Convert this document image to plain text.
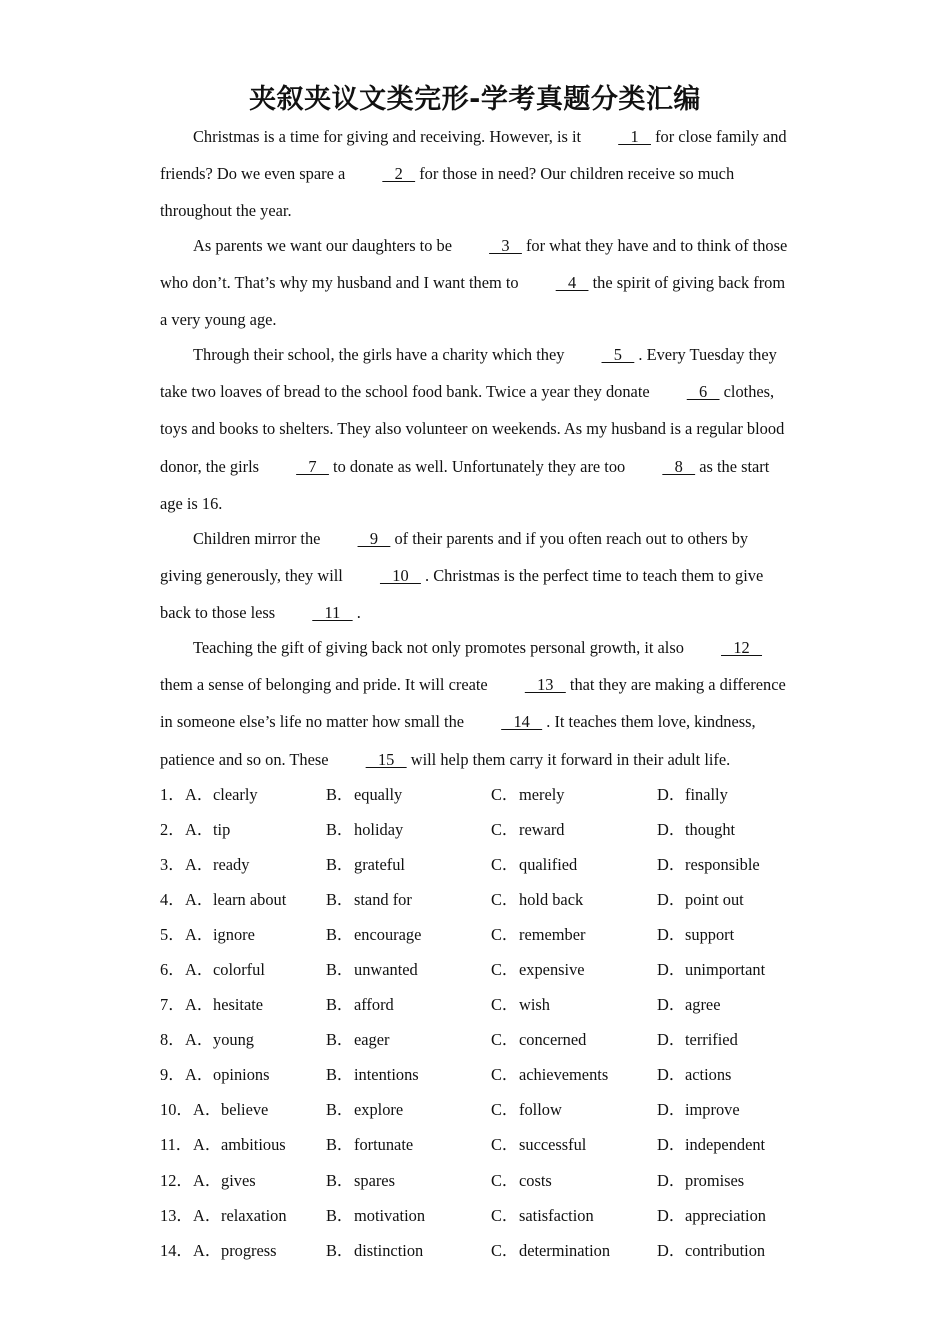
夹叙夹议文类完形-学考真题分类汇编

Christmas is a time for giving and receiving. However, is it    1    for close family and friends? Do we even spare a    2    for those in need? Our children receive so much throughout the year.

As parents we want our daughters to be    3    for what they have and to think of those who don’t. That’s why my husband and I want them to    4    the spirit of giving back from a very young age.

Through their school, the girls have a charity which they    5    . Every Tuesday they take two loaves of bread to the school food bank. Twice a year they donate    6    clothes, toys and books to shelters. They also volunteer on weekends. As my husband is a regular blood donor, the girls    7    to donate as well. Unfortunately they are too    8    as the start age is 16.

Children mirror the    9    of their parents and if you often reach out to others by giving generously, they will    10    . Christmas is the perfect time to teach them to give back to those less    11    .

Teaching the gift of giving back not only promotes personal growth, it also    12    them a sense of belonging and pride. It will create    13    that they are making a difference in someone else’s life no matter how small the    14    . It teaches them love, kindness, patience and so on. These    15    will help them carry it forward in their adult life.

1． A．clearly	B．equally	C．merely	D．finally
2． A．tip	B．holiday	C．reward	D．thought
3． A．ready	B．grateful	C．qualified	D．responsible
4． A．learn about B．stand for	C．hold back	D．point out
5． A．ignore	B．encourage	C．remember	D．support
6． A．colorful	B．unwanted	C．expensive	D．unimportant
7． A．hesitate	B．afford	C．wish	D．agree
8． A．young	B．eager	C．concerned	D．terrified
9． A．opinions	B．intentions	C．achievements	D．actions
10． A．believe	B．explore	C．follow	D．improve
11． A．ambitious B．fortunate	C．successful	D．independent
12． A．gives	B．spares	C．costs	D．promises
13． A．relaxation B．motivation	C．satisfaction	D．appreciation
14． A．progress	B．distinction	C．determination	D．contribution
